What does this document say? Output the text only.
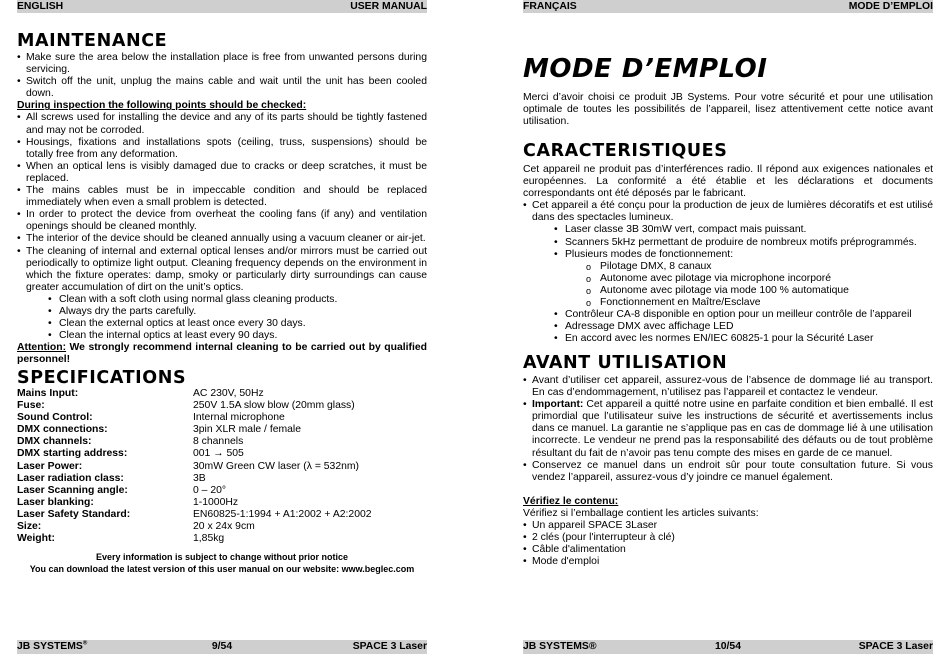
ENGLISH	USER MANUAL
MAINTENANCE
• Make sure the area below the installation place is free from unwanted persons during servicing.
• Switch off the unit, unplug the mains cable and wait until the unit has been cooled down.
During inspection the following points should be checked:
• All screws used for installing the device and any of its parts should be tightly fastened and may not be corroded.
• Housings, fixations and installations spots (ceiling, truss, suspensions) should be totally free from any deformation.
• When an optical lens is visibly damaged due to cracks or deep scratches, it must be replaced.
• The mains cables must be in impeccable condition and should be replaced immediately when even a small problem is detected.
• In order to protect the device from overheat the cooling fans (if any) and ventilation openings should be cleaned monthly.
• The interior of the device should be cleaned annually using a vacuum cleaner or air-jet.
• The cleaning of internal and external optical lenses and/or mirrors must be carried out periodically to optimize light output. Cleaning frequency depends on the environment in which the fixture operates: damp, smoky or particularly dirty surroundings can cause greater accumulation of dirt on the unit’s optics.
• Clean with a soft cloth using normal glass cleaning products.
• Always dry the parts carefully.
• Clean the external optics at least once every 30 days.
• Clean the internal optics at least every 90 days.

Attention: We strongly recommend internal cleaning to be carried out by qualified personnel!

SPECIFICATIONS
Mains Input:	AC 230V, 50Hz
Fuse:	250V 1.5A slow blow (20mm glass)
Sound Control:	Internal microphone
DMX connections:	3pin XLR male / female
DMX channels:	8 channels
DMX starting address:	001 → 505
Laser Power:	30mW Green CW laser (λ = 532nm)
Laser radiation class:	3B
Laser Scanning angle:	0 – 20°
Laser blanking:	1-1000Hz
Laser Safety Standard:	EN60825-1:1994 + A1:2002 + A2:2002
Size:	20 x 24x 9cm
Weight:	1,85kg
Every information is subject to change without prior notice
You can download the latest version of this user manual on our website: www.beglec.com
9/54
JB SYSTEMS®	SPACE 3 Laser
FRANÇAIS	MODE D’EMPLOI
MODE D’EMPLOI

Merci d’avoir choisi ce produit JB Systems. Pour votre sécurité et pour une utilisation optimale de toutes les possibilités de l’appareil, lisez attentivement cette notice avant utilisation.

CARACTERISTIQUES

Cet appareil ne produit pas d’interférences radio. Il répond aux exigences nationales et européennes. La conformité a été établie et les déclarations et documents correspondants ont été déposés par le fabricant.

• Cet appareil a été conçu pour la production de jeux de lumières décoratifs et est utilisé dans des spectacles lumineux.
• Laser classe 3B 30mW vert, compact mais puissant.
• Scanners 5kHz permettant de produire de nombreux motifs préprogrammés.
• Plusieurs modes de fonctionnement:
o Pilotage DMX, 8 canaux
o Autonome avec pilotage via microphone incorporé
o Autonome avec pilotage via mode 100 % automatique
o Fonctionnement en Maître/Esclave
• Contrôleur CA-8 disponible en option pour un meilleur contrôle de l’appareil
• Adressage DMX avec affichage LED
• En accord avec les normes EN/IEC 60825-1 pour la Sécurité Laser
AVANT UTILISATION
• Avant d’utiliser cet appareil, assurez-vous de l’absence de dommage lié au transport. En cas d’endommagement, n’utilisez pas l’appareil et contactez le vendeur.
• Important: Cet appareil a quitté notre usine en parfaite condition et bien emballé. Il est primordial que l’utilisateur suive les instructions de sécurité et avertissements inclus dans ce manuel. La garantie ne s’applique pas en cas de dommage lié à une utilisation incorrecte. Le vendeur ne prend pas la responsabilité des défauts ou de tout problème résultant du fait de n’avoir pas tenu compte des mises en garde de ce manuel.
• Conservez ce manuel dans un endroit sûr pour toute consultation future. Si vous vendez l’appareil, assurez-vous d’y joindre ce manuel également.
Vérifiez le contenu:

Vérifiez si l’emballage contient les articles suivants:

• Un appareil SPACE 3Laser
• 2 clés (pour l'interrupteur à clé)
• Câble d'alimentation
• Mode d'emploi
10/54
JB SYSTEMS®	SPACE 3 Laser
